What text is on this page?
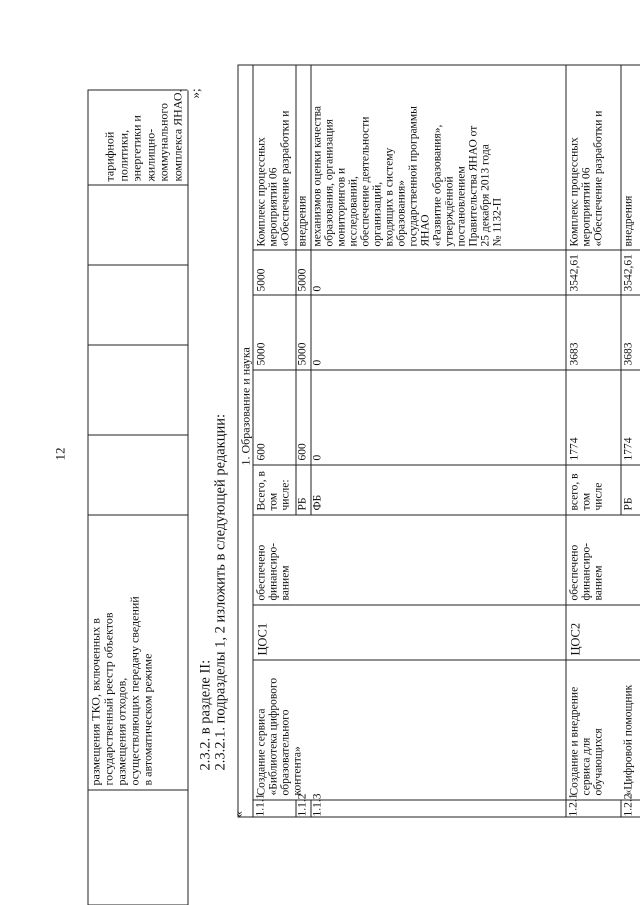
12
размещения ТКО, включенных в государственный реестр объектов размещения отходов, осуществляющих передачу сведений в автоматическом режиме
тарифной политики, энергетики и жилищно- коммунального комплекса ЯНАО. »;
2.3.2. в разделе II: 2.3.2.1. подразделы 1, 2 изложить в следующей редакции:
«
1. Образование и наука
1.1.1
Создание сервиса «Библиотека цифрового образовательного контента»
ЦОС1
обеспечено финансиро- ванием
Всего, в том числе:
600
5000
5000
Комплекс процессных мероприятий 06 «Обеспечение разработки и
1.1.2
РБ
600
5000
5000
внедрения
1.1.3
ФБ
0
0
0
механизмов оценки качества образования, организация мониторингов и исследований, обеспечение деятельности организаций, входящих в систему образования» государственной программы ЯНАО «Развитие образования», утверждённой постановлением Правительства ЯНАО от 25 декабря 2013 года № 1132-П
1.2.1
Создание и внедрение сервиса для обучающихся
ЦОС2
обеспечено финансиро- ванием
всего, в том числе
1774
3683
3542,61
Комплекс процессных мероприятий 06 «Обеспечение разработки и
1.2.2
«Цифровой помощник
РБ
1774
3683
3542,61
внедрения
